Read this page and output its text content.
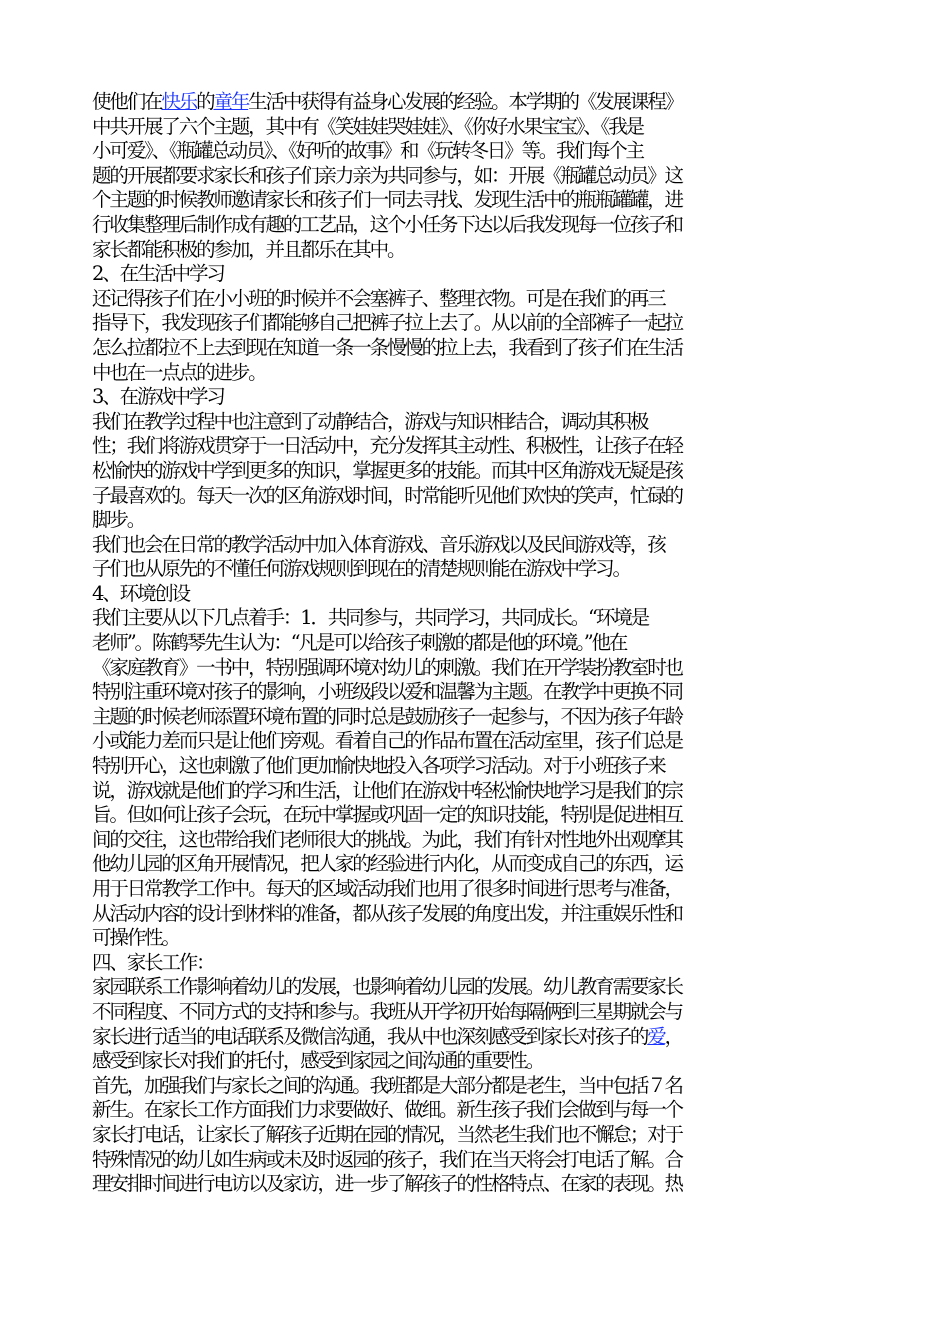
使他们在快乐的童年生活中获得有益身心发展的经验。本学期的《发展课程》
中共开展了六个主题，其中有《笑娃娃哭娃娃》、《你好水果宝宝》、《我是
小可爱》、《瓶罐总动员》、《好听的故事》和《玩转冬日》等。我们每个主
题的开展都要求家长和孩子们亲力亲为共同参与，如：开展《瓶罐总动员》这
个主题的时候教师邀请家长和孩子们一同去寻找、发现生活中的瓶瓶罐罐，进
行收集整理后制作成有趣的工艺品，这个小任务下达以后我发现每一位孩子和
家长都能积极的参加，并且都乐在其中。
2、在生活中学习
还记得孩子们在小小班的时候并不会塞裤子、整理衣物。可是在我们的再三
指导下，我发现孩子们都能够自己把裤子拉上去了。从以前的全部裤子一起拉
怎么拉都拉不上去到现在知道一条一条慢慢的拉上去，我看到了孩子们在生活
中也在一点点的进步。
3、在游戏中学习
我们在教学过程中也注意到了动静结合，游戏与知识相结合，调动其积极
性；我们将游戏贯穿于一日活动中，充分发挥其主动性、积极性，让孩子在轻
松愉快的游戏中学到更多的知识，掌握更多的技能。而其中区角游戏无疑是孩
子最喜欢的。每天一次的区角游戏时间，时常能听见他们欢快的笑声，忙碌的
脚步。
我们也会在日常的教学活动中加入体育游戏、音乐游戏以及民间游戏等，孩
子们也从原先的不懂任何游戏规则到现在的清楚规则能在游戏中学习。
4、环境创设
我们主要从以下几点着手：1．共同参与，共同学习，共同成长。“环境是
老师”。陈鹤琴先生认为：“凡是可以给孩子刺激的都是他的环境。”他在
《家庭教育》一书中，特别强调环境对幼儿的刺激。我们在开学装扮教室时也
特别注重环境对孩子的影响，小班级段以爱和温馨为主题。在教学中更换不同
主题的时候老师添置环境布置的同时总是鼓励孩子一起参与，不因为孩子年龄
小或能力差而只是让他们旁观。看着自己的作品布置在活动室里，孩子们总是
特别开心，这也刺激了他们更加愉快地投入各项学习活动。对于小班孩子来
说，游戏就是他们的学习和生活，让他们在游戏中轻松愉快地学习是我们的宗
旨。但如何让孩子会玩，在玩中掌握或巩固一定的知识技能，特别是促进相互
间的交往，这也带给我们老师很大的挑战。为此，我们有针对性地外出观摩其
他幼儿园的区角开展情况，把人家的经验进行内化，从而变成自己的东西，运
用于日常教学工作中。每天的区域活动我们也用了很多时间进行思考与准备，
从活动内容的设计到材料的准备，都从孩子发展的角度出发，并注重娱乐性和
可操作性。
四、家长工作：
家园联系工作影响着幼儿的发展，也影响着幼儿园的发展。幼儿教育需要家长
不同程度、不同方式的支持和参与。我班从开学初开始每隔俩到三星期就会与
家长进行适当的电话联系及微信沟通，我从中也深刻感受到家长对孩子的爱，
感受到家长对我们的托付，感受到家园之间沟通的重要性。
首先，加强我们与家长之间的沟通。我班都是大部分都是老生，当中包括７名
新生。在家长工作方面我们力求要做好、做细。新生孩子我们会做到与每一个
家长打电话，让家长了解孩子近期在园的情况，当然老生我们也不懈怠；对于
特殊情况的幼儿如生病或未及时返园的孩子，我们在当天将会打电话了解。合
理安排时间进行电访以及家访，进一步了解孩子的性格特点、在家的表现。热
